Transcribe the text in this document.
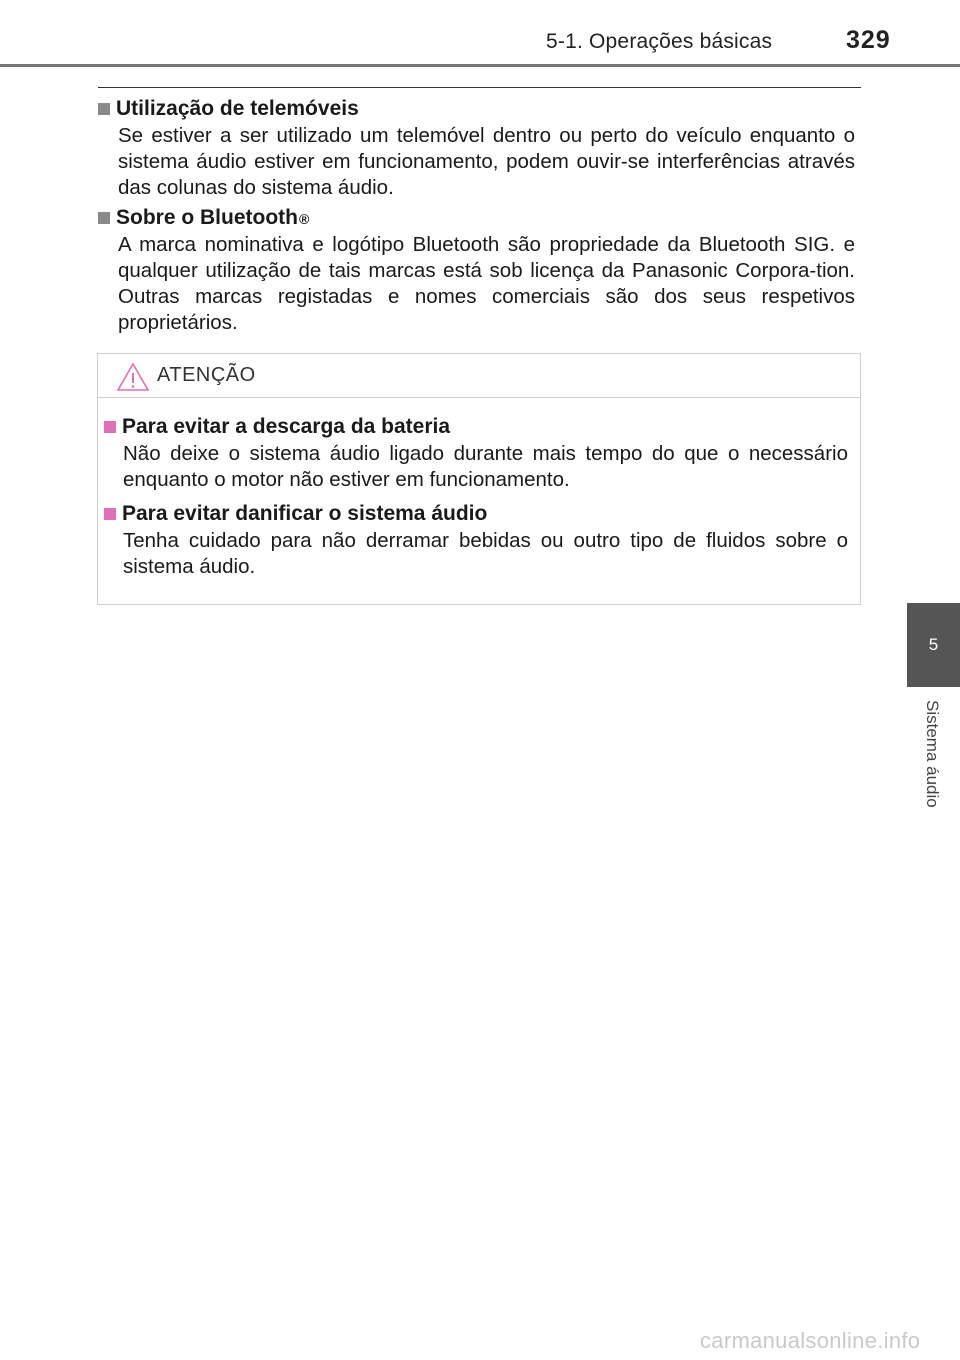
5-1. Operações básicas	329
Utilização de telemóveis
Se estiver a ser utilizado um telemóvel dentro ou perto do veículo enquanto o sistema áudio estiver em funcionamento, podem ouvir-se interferências através das colunas do sistema áudio.
Sobre o Bluetooth ®
A marca nominativa e logótipo Bluetooth são propriedade da Bluetooth SIG. e qualquer utilização de tais marcas está sob licença da Panasonic Corpora-tion. Outras marcas registadas e nomes comerciais são dos seus respetivos proprietários.
ATENÇÃO
Para evitar a descarga da bateria
Não deixe o sistema áudio ligado durante mais tempo do que o necessário enquanto o motor não estiver em funcionamento.
Para evitar danificar o sistema áudio
Tenha cuidado para não derramar bebidas ou outro tipo de fluidos sobre o sistema áudio.
5
Sistema áudio
carmanualsonline.info
